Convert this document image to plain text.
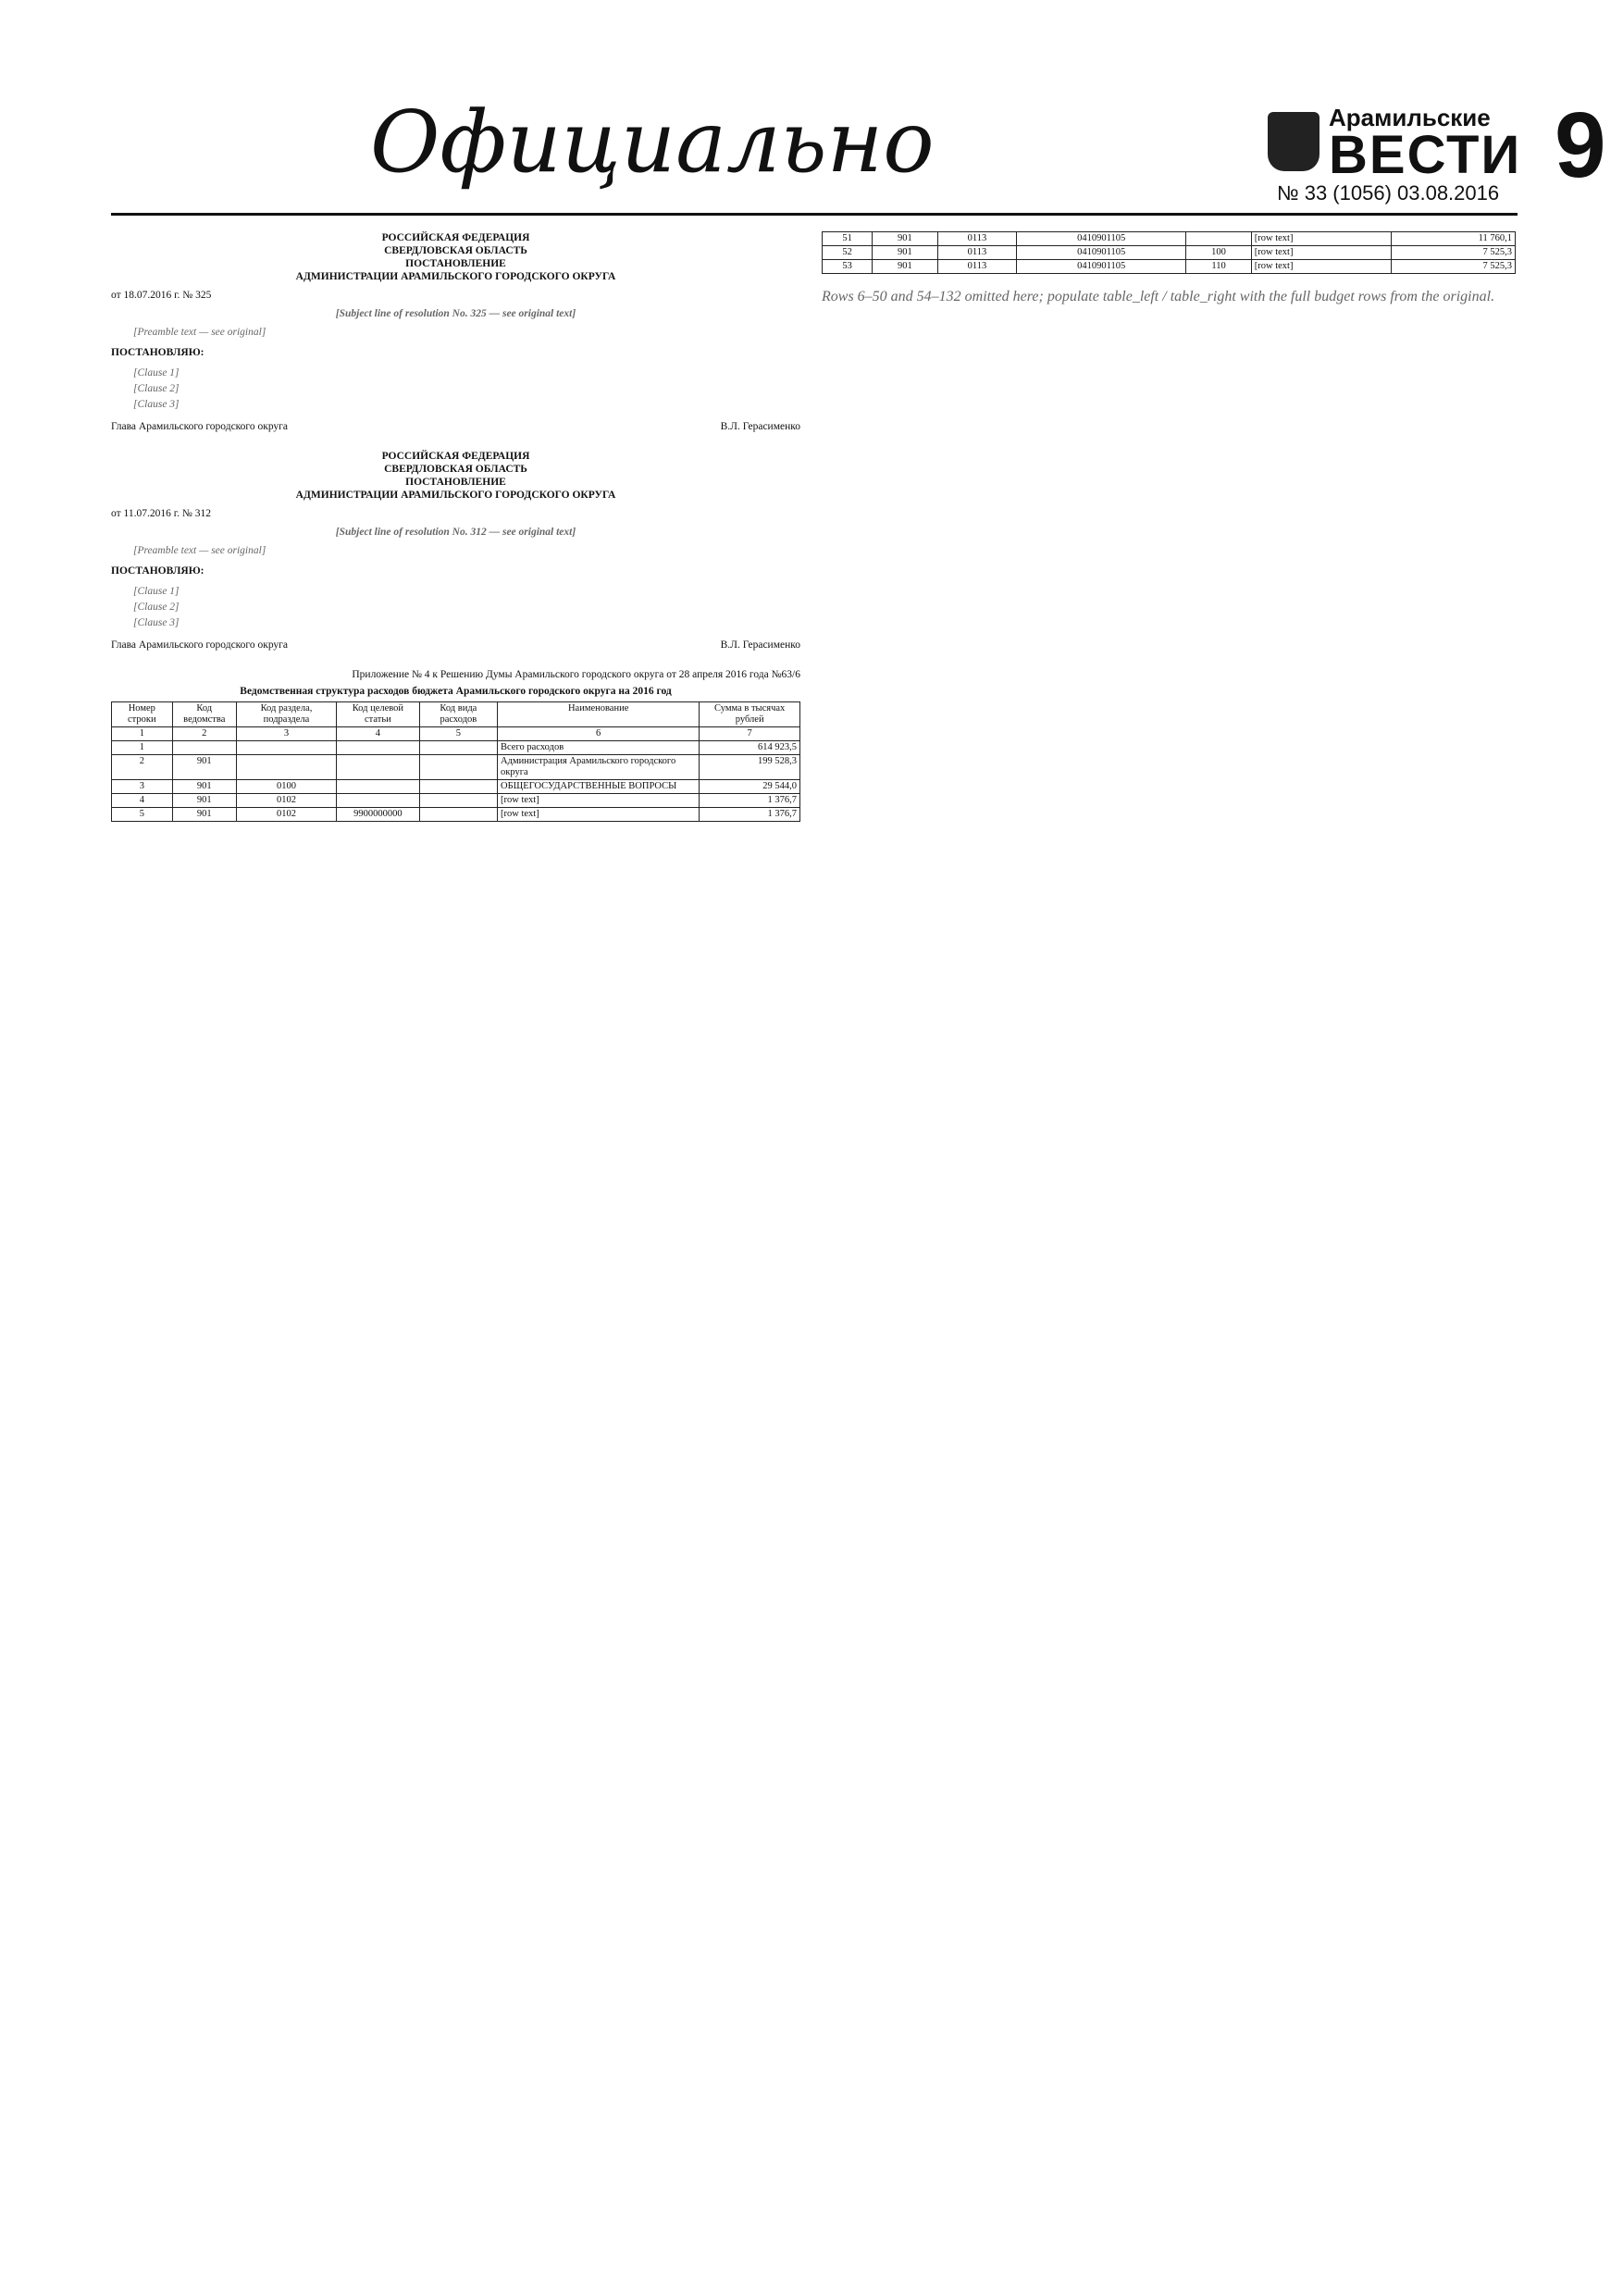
Официально	Арамильские
ВЕСТИ
№ 33 (1056) 03.08.2016 9
РОССИЙСКАЯ ФЕДЕРАЦИЯ
СВЕРДЛОВСКАЯ ОБЛАСТЬ
ПОСТАНОВЛЕНИЕ
АДМИНИСТРАЦИИ АРАМИЛЬСКОГО ГОРОДСКОГО ОКРУГА
от 18.07.2016 г. № 325
[Subject line of resolution No. 325 — see original text]

[Preamble text — see original]

ПОСТАНОВЛЯЮ:

[Clause 1]

[Clause 2]

[Clause 3]

Глава Арамильского городского округа	В.Л. Герасименко
РОССИЙСКАЯ ФЕДЕРАЦИЯ
СВЕРДЛОВСКАЯ ОБЛАСТЬ
ПОСТАНОВЛЕНИЕ
АДМИНИСТРАЦИИ АРАМИЛЬСКОГО ГОРОДСКОГО ОКРУГА
от 11.07.2016 г. № 312
[Subject line of resolution No. 312 — see original text]

[Preamble text — see original]

ПОСТАНОВЛЯЮ:

[Clause 1]

[Clause 2]

[Clause 3]

Глава Арамильского городского округа	В.Л. Герасименко
Приложение № 4 к Решению Думы Арамильского городского округа от 28 апреля 2016 года №63/6
Ведомственная структура расходов бюджета Арамильского городского округа на 2016 год
Номер строки	Код ведомства	Код раздела, подраздела	Код целевой статьи	Код вида расходов	Наименование	Сумма в тысячах рублей
1	2	3	4	5	6	7
1					Всего расходов	614 923,5
2	901				Администрация Арамильского городского округа	199 528,3
3	901	0100			ОБЩЕГОСУДАРСТВЕННЫЕ ВОПРОСЫ	29 544,0
4	901	0102			[row text]	1 376,7
5	901	0102	9900000000		[row text]	1 376,7
51	901	0113	0410901105		[row text]	11 760,1
52	901	0113	0410901105	100	[row text]	7 525,3
53	901	0113	0410901105	110	[row text]	7 525,3

Rows 6–50 and 54–132 omitted here; populate table_left / table_right with the full budget rows from the original.
